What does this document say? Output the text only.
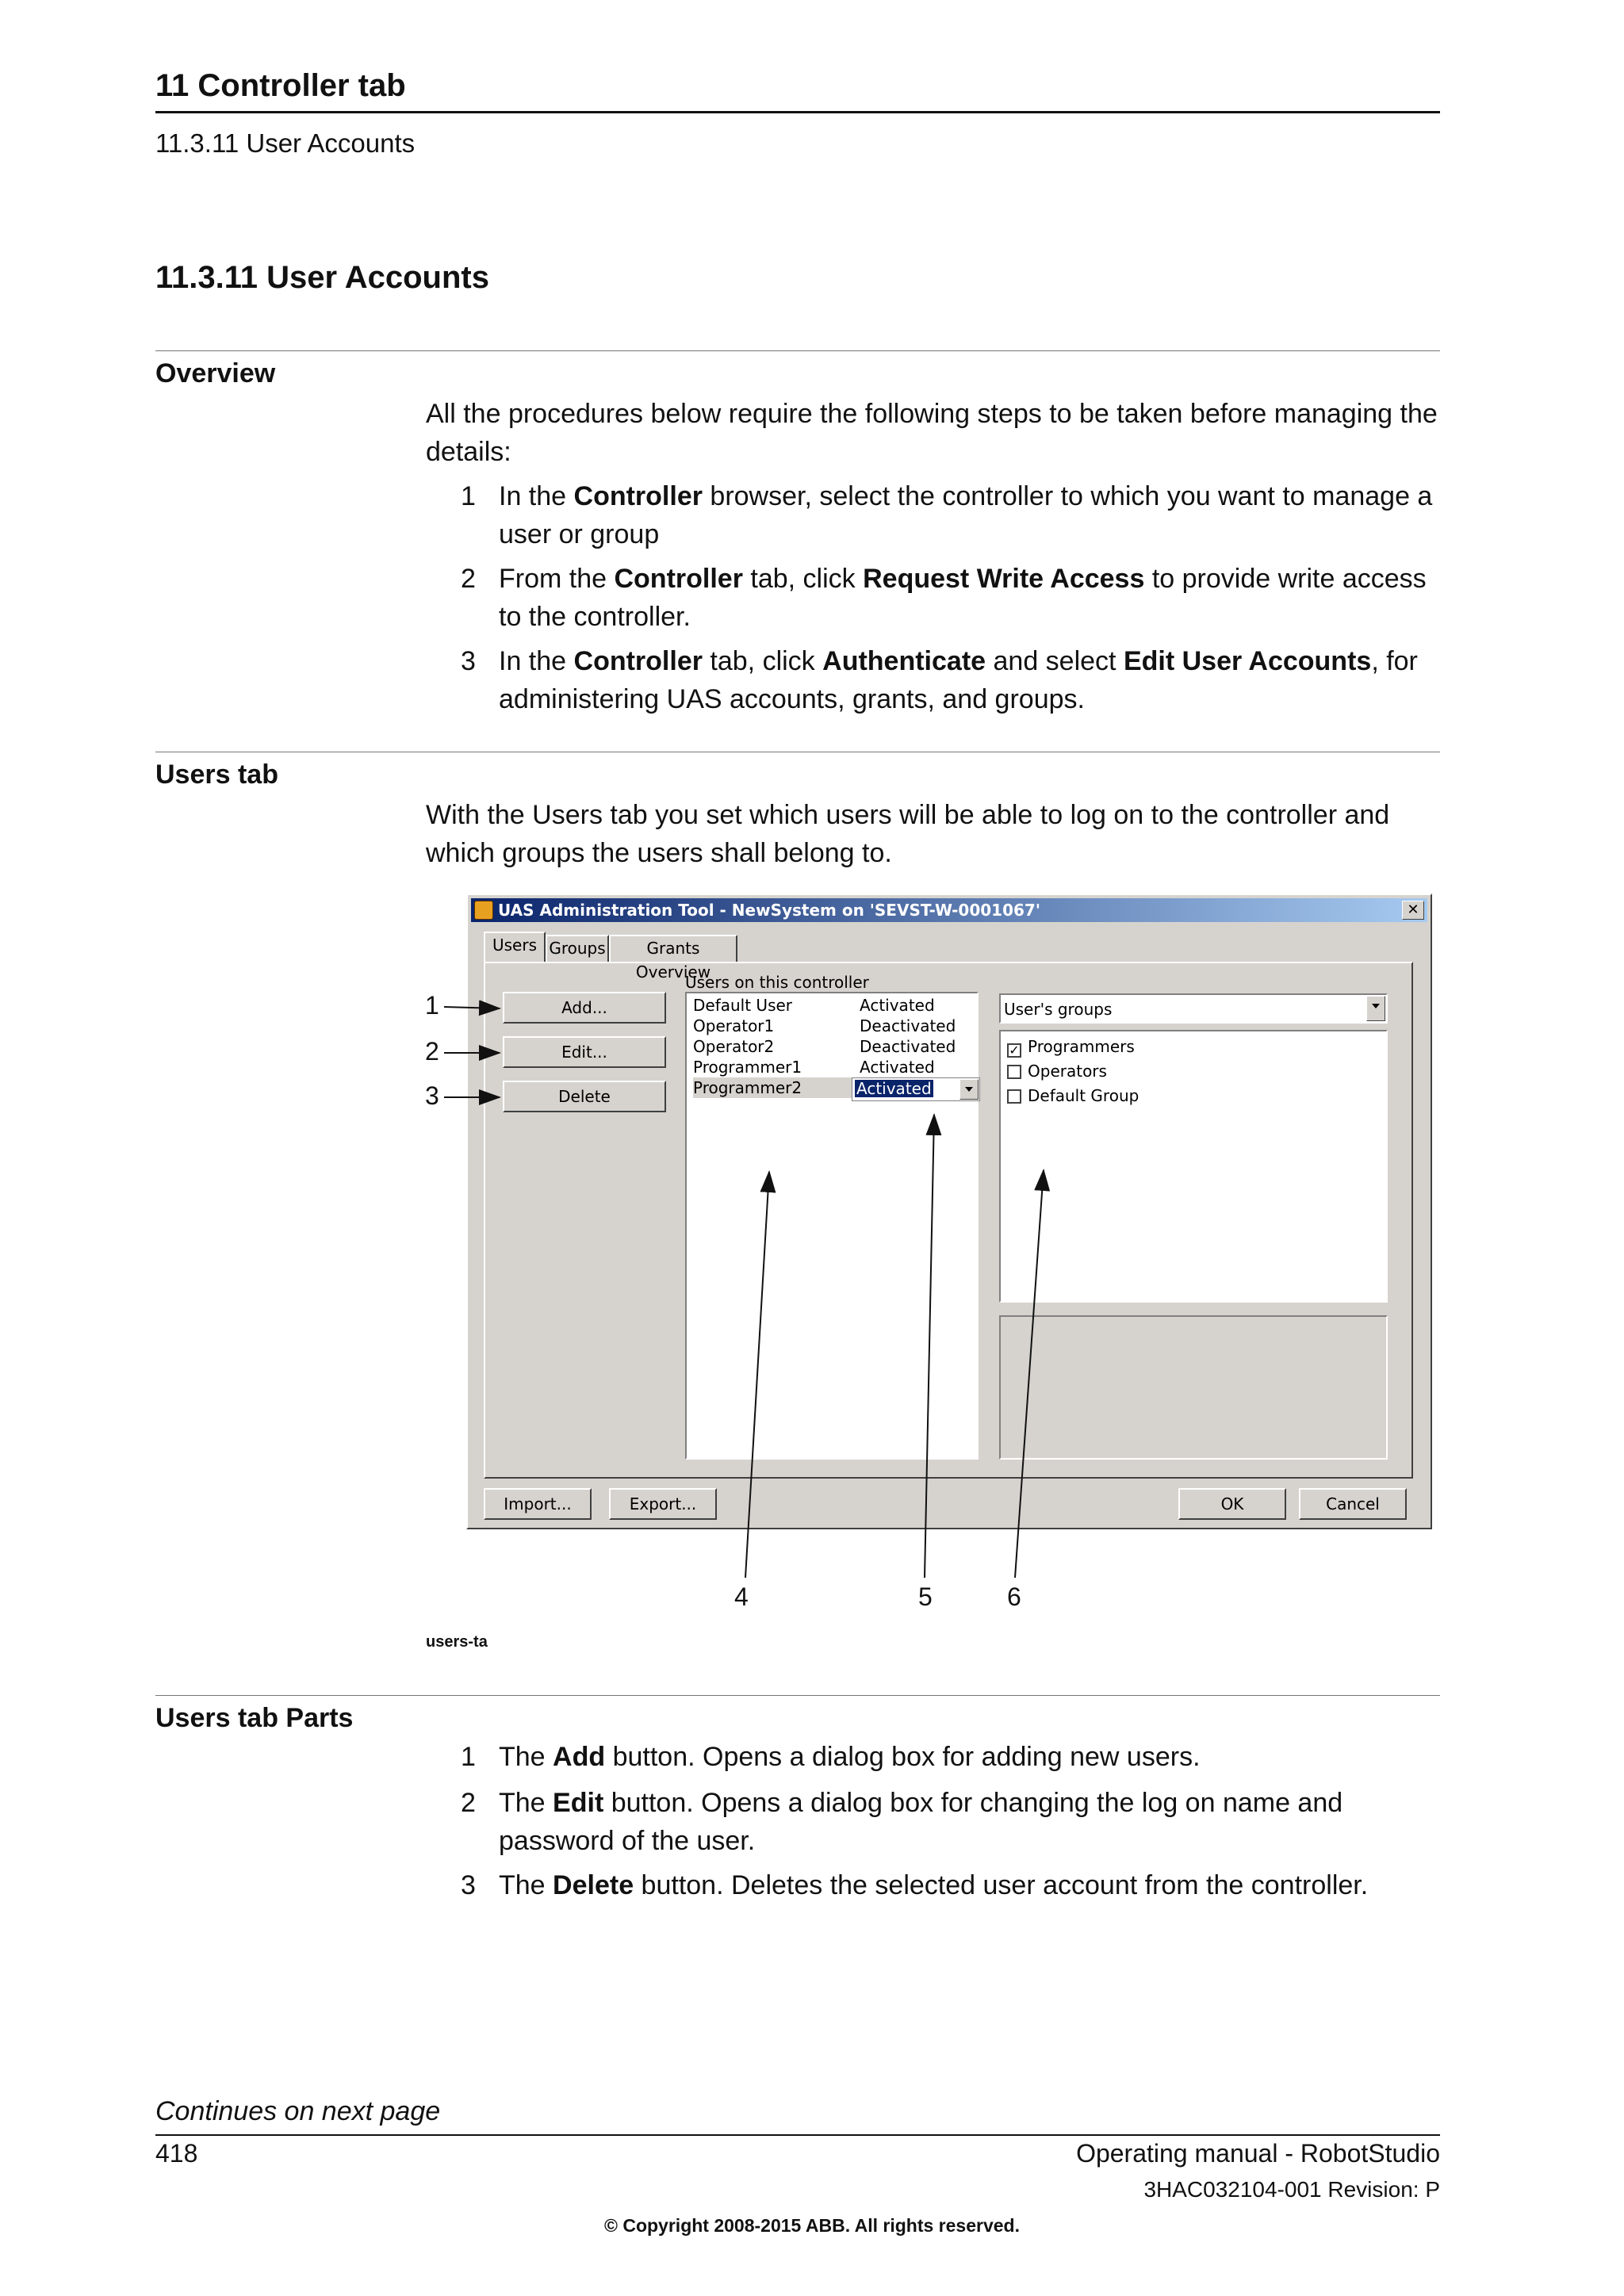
11 Controller tab
11.3.11 User Accounts
11.3.11 User Accounts
Overview
All the procedures below require the following steps to be taken before managing the details:
1 In the Controller browser, select the controller to which you want to manage a user or group
2 From the Controller tab, click Request Write Access to provide write access to the controller.
3 In the Controller tab, click Authenticate and select Edit User Accounts, for administering UAS accounts, grants, and groups.
Users tab
With the Users tab you set which users will be able to log on to the controller and which groups the users shall belong to.
UAS Administration Tool - NewSystem on 'SEVST-W-0001067'	✕
Users Groups	Grants Overview
Add...
Edit...
Delete
Users on this controller
Default User	Activated
Operator1	Deactivated
Operator2	Deactivated
Programmer1	Activated
Programmer2	Activated
User's groups
✓ Programmers
Operators
Default Group
Import...	Export...	OK	Cancel
1
2
3
4	5	6
users-ta
Users tab Parts
1 The Add button. Opens a dialog box for adding new users.
2 The Edit button. Opens a dialog box for changing the log on name and password of the user.
3 The Delete button. Deletes the selected user account from the controller.
Continues on next page
418	Operating manual - RobotStudio
3HAC032104-001 Revision: P
© Copyright 2008-2015 ABB. All rights reserved.
